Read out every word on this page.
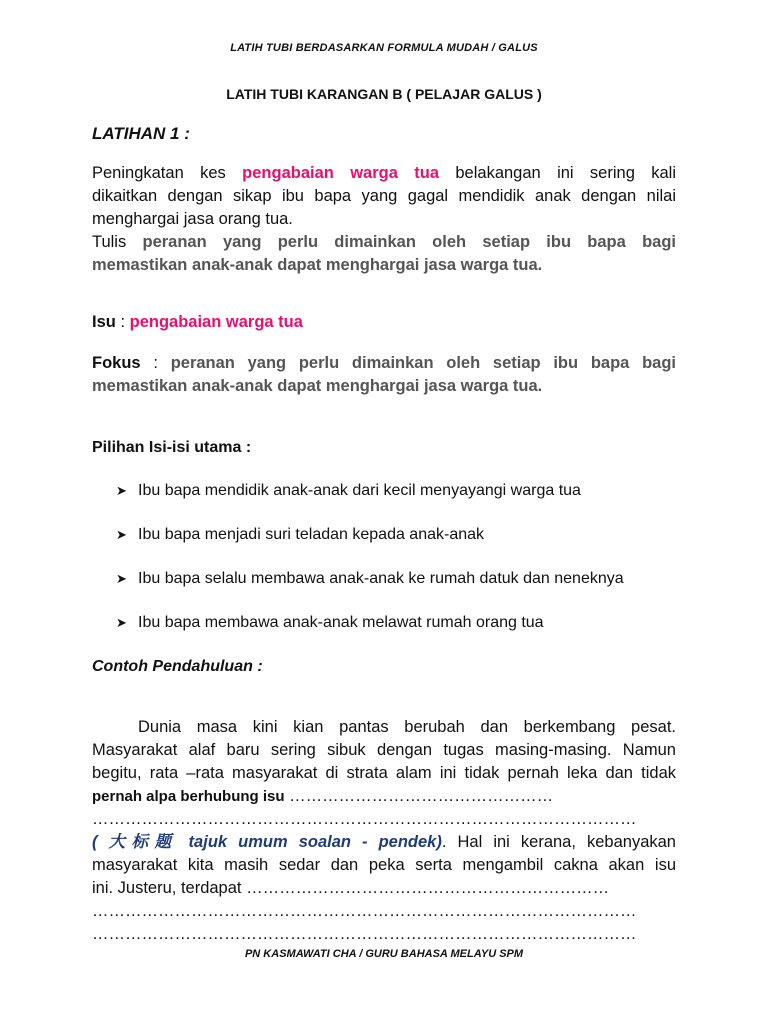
LATIH TUBI BERDASARKAN FORMULA MUDAH / GALUS
LATIH TUBI KARANGAN B ( PELAJAR GALUS )
LATIHAN 1 :
Peningkatan kes pengabaian warga tua belakangan ini sering kali
dikaitkan dengan sikap ibu bapa yang gagal mendidik anak dengan nilai
menghargai jasa orang tua.
Tulis peranan yang perlu dimainkan oleh setiap ibu bapa bagi
memastikan anak-anak dapat menghargai jasa warga tua.
Isu : pengabaian warga tua
Fokus : peranan yang perlu dimainkan oleh setiap ibu bapa bagi
memastikan anak-anak dapat menghargai jasa warga tua.
Pilihan Isi-isi utama :
➤ Ibu bapa mendidik anak-anak dari kecil menyayangi warga tua
➤ Ibu bapa menjadi suri teladan kepada anak-anak
➤ Ibu bapa selalu membawa anak-anak ke rumah datuk dan neneknya
➤ Ibu bapa membawa anak-anak melawat rumah orang tua
Contoh Pendahuluan :
Dunia masa kini kian pantas berubah dan berkembang pesat.
Masyarakat alaf baru sering sibuk dengan tugas masing-masing. Namun
begitu, rata –rata masyarakat di strata alam ini tidak pernah leka dan tidak
pernah alpa berhubung isu …………………………………………
………………………………………………………………………………………
( 大标题 tajuk umum soalan - pendek). Hal ini kerana, kebanyakan
masyarakat kita masih sedar dan peka serta mengambil cakna akan isu
ini. Justeru, terdapat …………………………………………………………
………………………………………………………………………………………
………………………………………………………………………………………
PN KASMAWATI CHA / GURU BAHASA MELAYU SPM
